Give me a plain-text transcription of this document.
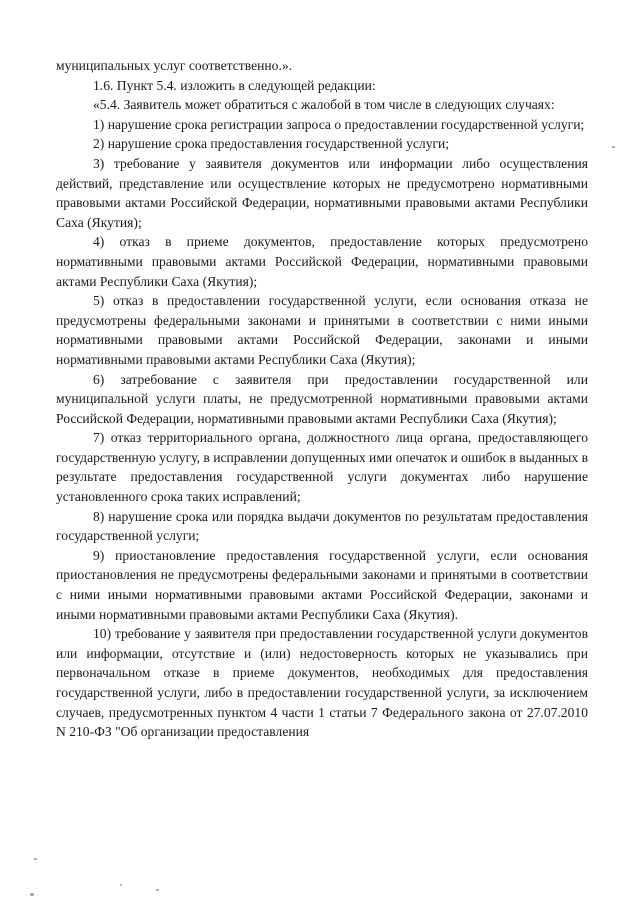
муниципальных услуг соответственно.».

1.6. Пункт 5.4. изложить в следующей редакции:

«5.4. Заявитель может обратиться с жалобой в том числе в следующих случаях:

1) нарушение срока регистрации запроса о предоставлении государственной услуги;

2) нарушение срока предоставления государственной услуги;

3) требование у заявителя документов или информации либо осуществления действий, представление или осуществление которых не предусмотрено нормативными правовыми актами Российской Федерации, нормативными правовыми актами Республики Саха (Якутия);

4) отказ в приеме документов, предоставление которых предусмотрено нормативными правовыми актами Российской Федерации, нормативными правовыми актами Республики Саха (Якутия);

5) отказ в предоставлении государственной услуги, если основания отказа не предусмотрены федеральными законами и принятыми в соответствии с ними иными нормативными правовыми актами Российской Федерации, законами и иными нормативными правовыми актами Республики Саха (Якутия);

6) затребование с заявителя при предоставлении государственной или муниципальной услуги платы, не предусмотренной нормативными правовыми актами Российской Федерации, нормативными правовыми актами Республики Саха (Якутия);

7) отказ территориального органа, должностного лица органа, предоставляющего государственную услугу, в исправлении допущенных ими опечаток и ошибок в выданных в результате предоставления государственной услуги документах либо нарушение установленного срока таких исправлений;

8) нарушение срока или порядка выдачи документов по результатам предоставления государственной услуги;

9) приостановление предоставления государственной услуги, если основания приостановления не предусмотрены федеральными законами и принятыми в соответствии с ними иными нормативными правовыми актами Российской Федерации, законами и иными нормативными правовыми актами Республики Саха (Якутия).

10) требование у заявителя при предоставлении государственной услуги документов или информации, отсутствие и (или) недостоверность которых не указывались при первоначальном отказе в приеме документов, необходимых для предоставления государственной услуги, либо в предоставлении государственной услуги, за исключением случаев, предусмотренных пунктом 4 части 1 статьи 7 Федерального закона от 27.07.2010 N 210-ФЗ "Об организации предоставления
